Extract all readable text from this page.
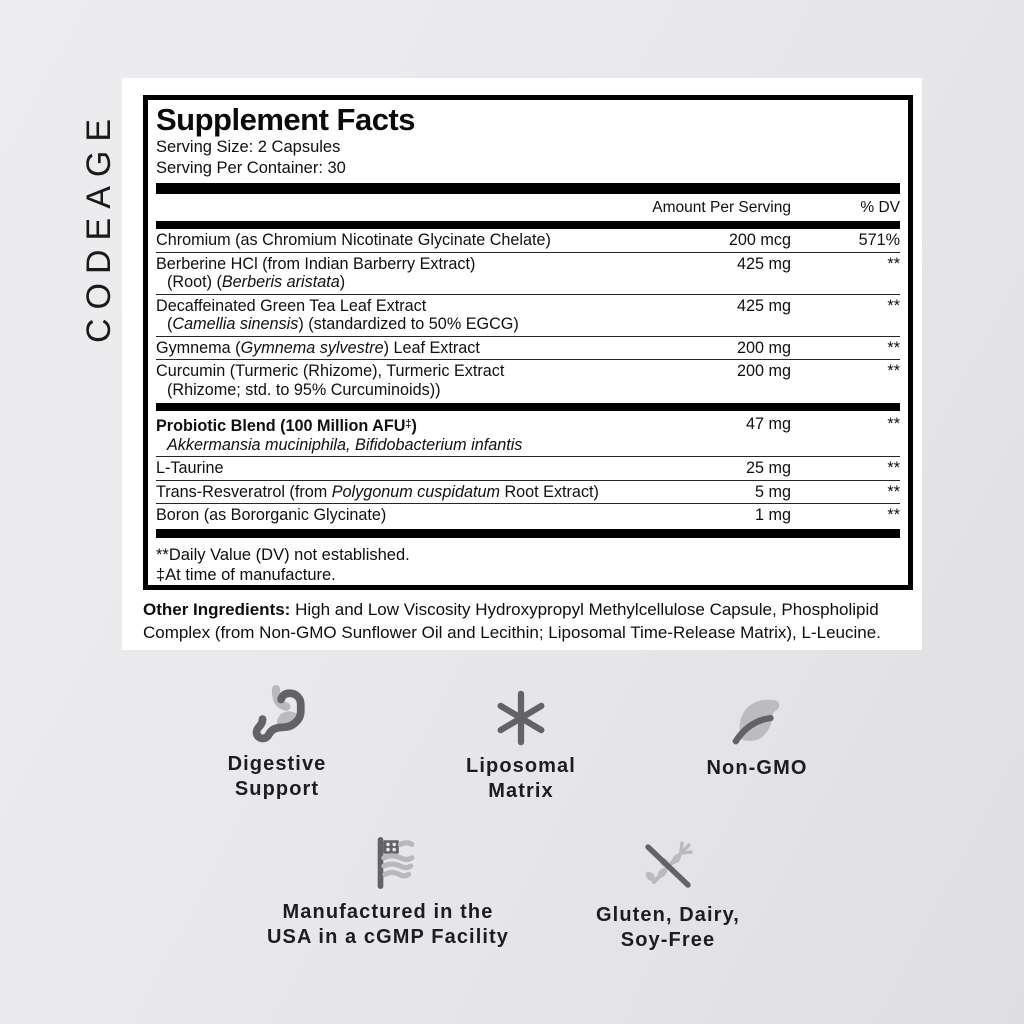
CODEAGE Supplement Facts
Serving Size: 2 Capsules
Serving Per Container: 30
Amount Per Serving	% DV
Chromium (as Chromium Nicotinate Glycinate Chelate)	200 mcg	571%
Berberine HCl (from Indian Barberry Extract)
(Root) (Berberis aristata)
425 mg	**
Decaffeinated Green Tea Leaf Extract
(Camellia sinensis) (standardized to 50% EGCG)
425 mg	**
Gymnema (Gymnema sylvestre) Leaf Extract	200 mg	**
Curcumin (Turmeric (Rhizome), Turmeric Extract
(Rhizome; std. to 95% Curcuminoids))
200 mg	**
Probiotic Blend (100 Million AFU‡)
Akkermansia muciniphila, Bifidobacterium infantis
47 mg	**
L-Taurine	25 mg	**
Trans-Resveratrol (from Polygonum cuspidatum Root Extract)	5 mg	**
Boron (as Bororganic Glycinate)	1 mg	**
**Daily Value (DV) not established.
‡At time of manufacture.

Other Ingredients: High and Low Viscosity Hydroxypropyl Methylcellulose Capsule, Phospholipid Complex (from Non-GMO Sunflower Oil and Lecithin; Liposomal Time-Release Matrix), L-Leucine.

Digestive
Support
Liposomal
Matrix
Non-GMO
Manufactured in the
USA in a cGMP Facility
Gluten, Dairy,
Soy-Free
